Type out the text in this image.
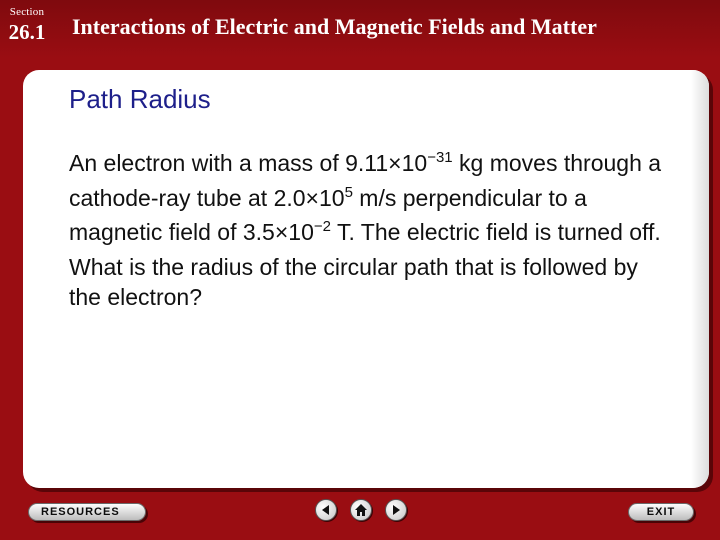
Section
26.1	Interactions of Electric and Magnetic Fields and Matter
Path Radius
An electron with a mass of $9.11\times 10^{-31}$ kg moves through a cathode-ray tube at $2.0\times 10^5$ m/s perpendicular to a magnetic field of $3.5\times 10^{-2}$ T. The electric field is turned off. What is the radius of the circular path that is followed by the electron?
RESOURCES	EXIT
